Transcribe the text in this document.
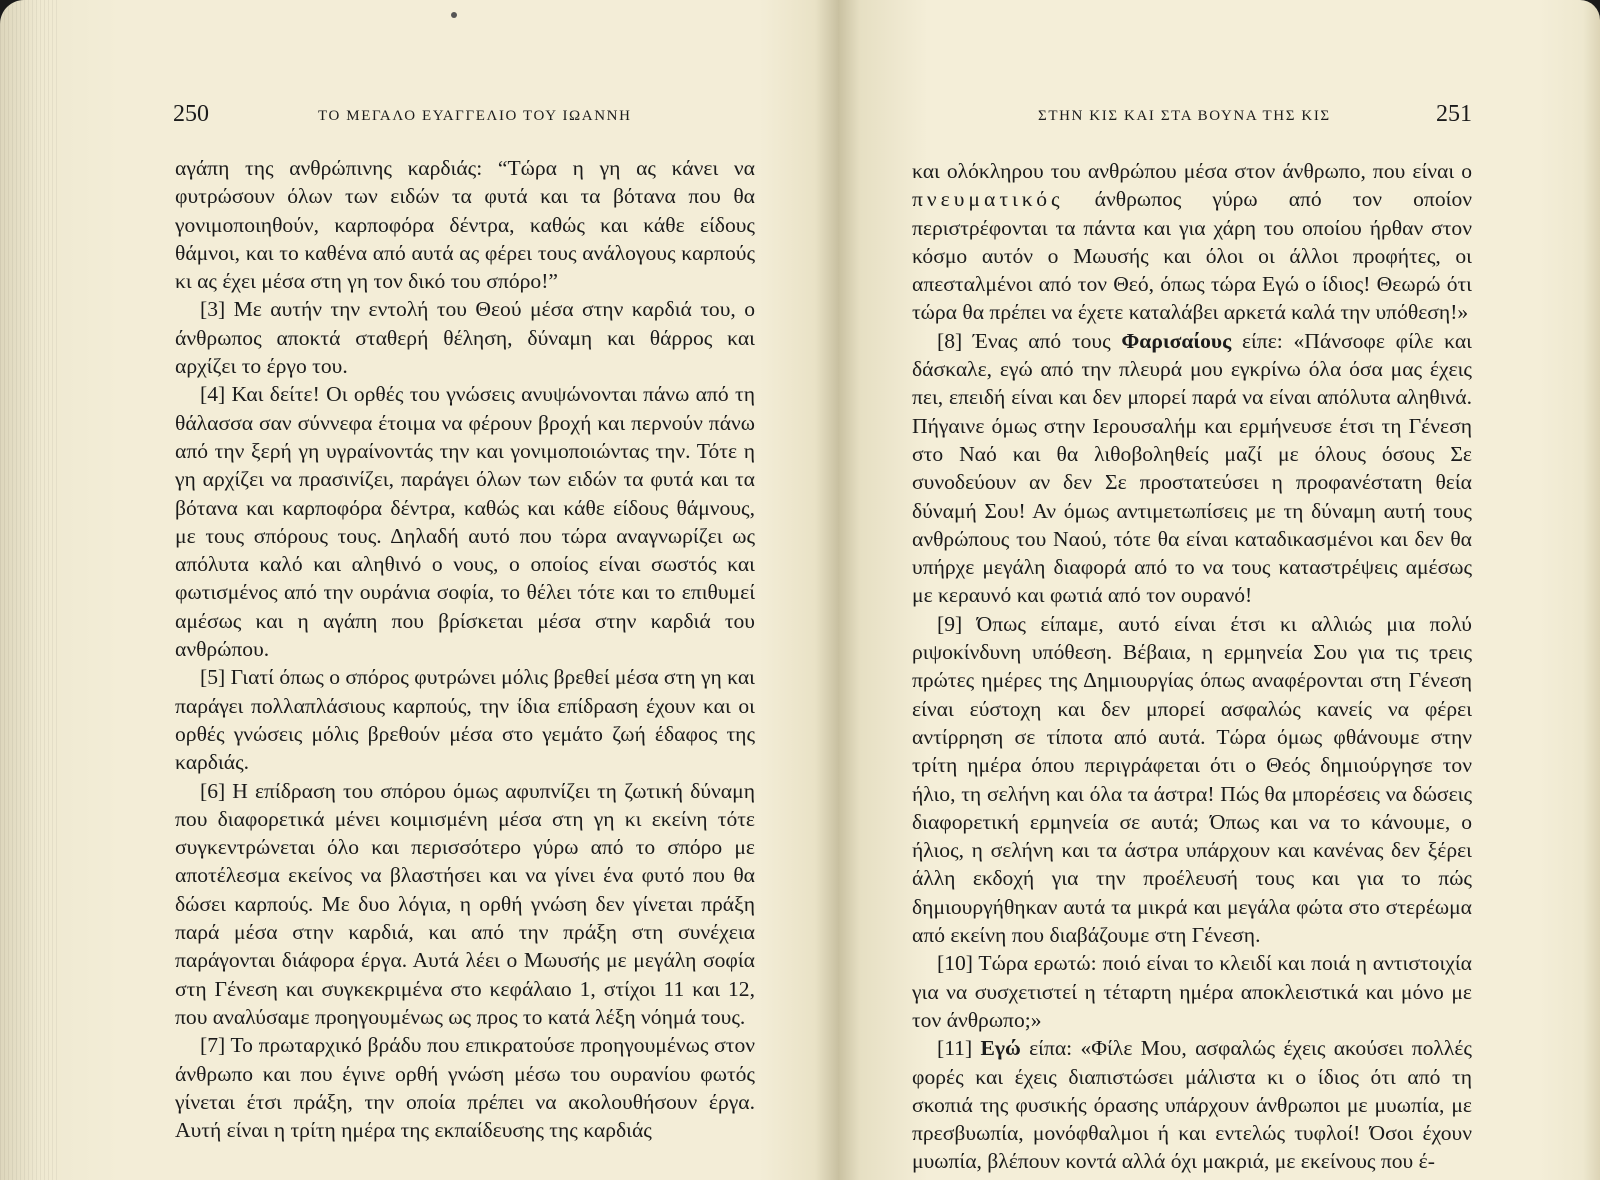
250	ΤΟ ΜΕΓΑΛΟ ΕΥΑΓΓΕΛΙΟ ΤΟΥ ΙΩΑΝΝΗ

αγάπη της ανθρώπινης καρδιάς: “Τώρα η γη ας κάνει να φυτρώσουν όλων των ειδών τα φυτά και τα βότανα που θα γονιμοποιηθούν, καρποφόρα δέντρα, καθώς και κάθε είδους θάμνοι, και το καθένα από αυτά ας φέρει τους ανάλογους καρπούς κι ας έχει μέσα στη γη τον δικό του σπόρο!”

[3] Με αυτήν την εντολή του Θεού μέσα στην καρδιά του, ο άνθρωπος αποκτά σταθερή θέληση, δύναμη και θάρρος και αρχίζει το έργο του.

[4] Και δείτε! Οι ορθές του γνώσεις ανυψώνονται πάνω από τη θάλασσα σαν σύννεφα έτοιμα να φέρουν βροχή και περνούν πάνω από την ξερή γη υγραίνοντάς την και γονιμοποιώντας την. Τότε η γη αρχίζει να πρασινίζει, παράγει όλων των ειδών τα φυτά και τα βότανα και καρποφόρα δέντρα, καθώς και κάθε είδους θάμνους, με τους σπόρους τους. Δηλαδή αυτό που τώρα αναγνωρίζει ως απόλυτα καλό και αληθινό ο νους, ο οποίος είναι σωστός και φωτισμένος από την ουράνια σοφία, το θέλει τότε και το επιθυμεί αμέσως και η αγάπη που βρίσκεται μέσα στην καρδιά του ανθρώπου.

[5] Γιατί όπως ο σπόρος φυτρώνει μόλις βρεθεί μέσα στη γη και παράγει πολλαπλάσιους καρπούς, την ίδια επίδραση έχουν και οι ορθές γνώσεις μόλις βρεθούν μέσα στο γεμάτο ζωή έδαφος της καρδιάς.

[6] Η επίδραση του σπόρου όμως αφυπνίζει τη ζωτική δύναμη που διαφορετικά μένει κοιμισμένη μέσα στη γη κι εκείνη τότε συγκεντρώνεται όλο και περισσότερο γύρω από το σπόρο με αποτέλεσμα εκείνος να βλαστήσει και να γίνει ένα φυτό που θα δώσει καρπούς. Με δυο λόγια, η ορθή γνώση δεν γίνεται πράξη παρά μέσα στην καρδιά, και από την πράξη στη συνέχεια παράγονται διάφορα έργα. Αυτά λέει ο Μωυσής με μεγάλη σοφία στη Γένεση και συγκεκριμένα στο κεφάλαιο 1, στίχοι 11 και 12, που αναλύσαμε προηγουμένως ως προς το κατά λέξη νόημά τους.

[7] Το πρωταρχικό βράδυ που επικρατούσε προηγουμένως στον άνθρωπο και που έγινε ορθή γνώση μέσω του ουρανίου φωτός γίνεται έτσι πράξη, την οποία πρέπει να ακολουθήσουν έργα. Αυτή είναι η τρίτη ημέρα της εκπαίδευσης της καρδιάς

ΣΤΗΝ ΚΙΣ ΚΑΙ ΣΤΑ ΒΟΥΝΑ ΤΗΣ ΚΙΣ	251

και ολόκληρου του ανθρώπου μέσα στον άνθρωπο, που είναι ο πνευματικός άνθρωπος γύρω από τον οποίον περιστρέφονται τα πάντα και για χάρη του οποίου ήρθαν στον κόσμο αυτόν ο Μωυσής και όλοι οι άλλοι προφήτες, οι απεσταλμένοι από τον Θεό, όπως τώρα Εγώ ο ίδιος! Θεωρώ ότι τώρα θα πρέπει να έχετε καταλάβει αρκετά καλά την υπόθεση!»

[8] Ένας από τους Φαρισαίους είπε: «Πάνσοφε φίλε και δάσκαλε, εγώ από την πλευρά μου εγκρίνω όλα όσα μας έχεις πει, επειδή είναι και δεν μπορεί παρά να είναι απόλυτα αληθινά. Πήγαινε όμως στην Ιερουσαλήμ και ερμήνευσε έτσι τη Γένεση στο Ναό και θα λιθοβοληθείς μαζί με όλους όσους Σε συνοδεύουν αν δεν Σε προστατεύσει η προφανέστατη θεία δύναμή Σου! Αν όμως αντιμετωπίσεις με τη δύναμη αυτή τους ανθρώπους του Ναού, τότε θα είναι καταδικασμένοι και δεν θα υπήρχε μεγάλη διαφορά από το να τους καταστρέψεις αμέσως με κεραυνό και φωτιά από τον ουρανό!

[9] Όπως είπαμε, αυτό είναι έτσι κι αλλιώς μια πολύ ριψοκίνδυνη υπόθεση. Βέβαια, η ερμηνεία Σου για τις τρεις πρώτες ημέρες της Δημιουργίας όπως αναφέρονται στη Γένεση είναι εύστοχη και δεν μπορεί ασφαλώς κανείς να φέρει αντίρρηση σε τίποτα από αυτά. Τώρα όμως φθάνουμε στην τρίτη ημέρα όπου περιγράφεται ότι ο Θεός δημιούργησε τον ήλιο, τη σελήνη και όλα τα άστρα! Πώς θα μπορέσεις να δώσεις διαφορετική ερμηνεία σε αυτά; Όπως και να το κάνουμε, ο ήλιος, η σελήνη και τα άστρα υπάρχουν και κανένας δεν ξέρει άλλη εκδοχή για την προέλευσή τους και για το πώς δημιουργήθηκαν αυτά τα μικρά και μεγάλα φώτα στο στερέωμα από εκείνη που διαβάζουμε στη Γένεση.

[10] Τώρα ερωτώ: ποιό είναι το κλειδί και ποιά η αντιστοιχία για να συσχετιστεί η τέταρτη ημέρα αποκλειστικά και μόνο με τον άνθρωπο;»

[11] Εγώ είπα: «Φίλε Μου, ασφαλώς έχεις ακούσει πολλές φορές και έχεις διαπιστώσει μάλιστα κι ο ίδιος ότι από τη σκοπιά της φυσικής όρασης υπάρχουν άνθρωποι με μυωπία, με πρεσβυωπία, μονόφθαλμοι ή και εντελώς τυφλοί! Όσοι έχουν μυωπία, βλέπουν κοντά αλλά όχι μακριά, με εκείνους που έ-
